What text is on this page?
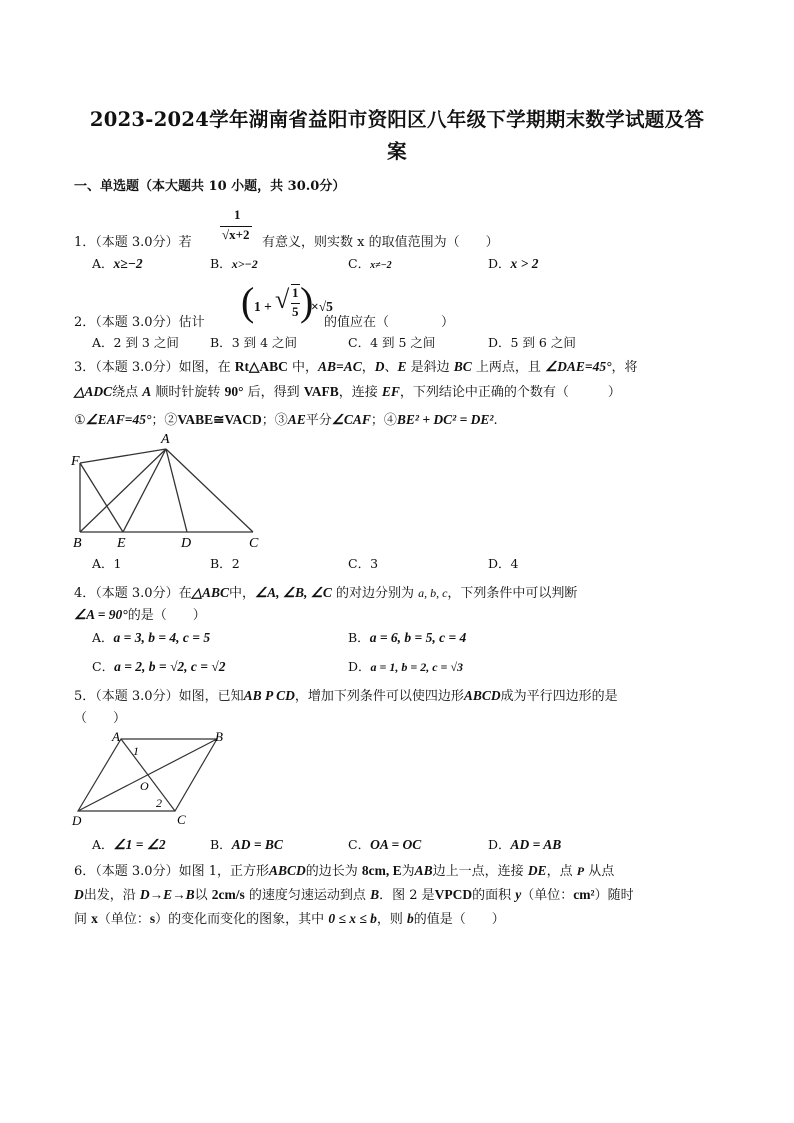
2023-2024学年湖南省益阳市资阳区八年级下学期期末数学试题及答
案
一、单选题（本大题共 10 小题，共 30.0分）
1．（本题 3.0分）若
1
√x+2
有意义，则实数 x 的取值范围为（　　）
A．x≥−2	B．x>−2	C．x≠−2	D．x > 2
2．（本题 3.0分）估计 ( 1 + √ 1
5 )
×√5
的值应在（　　　　）
A．2 到 3 之间 B．3 到 4 之间	C．4 到 5 之间	D．5 到 6 之间
3．（本题 3.0分）如图，在 Rt△ABC 中，AB=AC，D、E 是斜边 BC 上两点，且 ∠DAE=45°，将
△ADC绕点 A 顺时针旋转 90° 后，得到 VAFB，连接 EF，下列结论中正确的个数有（　　　）
①∠EAF=45°；②VABE≅VACD；③AE平分∠CAF；④BE² + DC² = DE².
A
F
B	E	D	C
A．1	B．2	C．3	D．4
4．（本题 3.0分）在△ABC中，∠A, ∠B, ∠C 的对边分别为 a, b, c，下列条件中可以判断
∠A = 90°的是（　　）
A．a = 3, b = 4, c = 5	B．a = 6, b = 5, c = 4
C．a = 2, b = √2, c = √2	D．a = 1, b = 2, c = √3
5．（本题 3.0分）如图，已知AB P CD，增加下列条件可以使四边形ABCD成为平行四边形的是
（　　）
A	B
C
D
O
1
2
A．∠1 = ∠2	B．AD = BC	C．OA = OC	D．AD = AB
6．（本题 3.0分）如图 1，正方形ABCD的边长为 8cm, E为AB边上一点，连接 DE，点 P 从点
D出发，沿 D→E→B以 2cm/s 的速度匀速运动到点 B．图 2 是VPCD的面积 y（单位：cm²）随时
间 x（单位：s）的变化而变化的图象，其中 0 ≤ x ≤ b，则 b的值是（　　）
